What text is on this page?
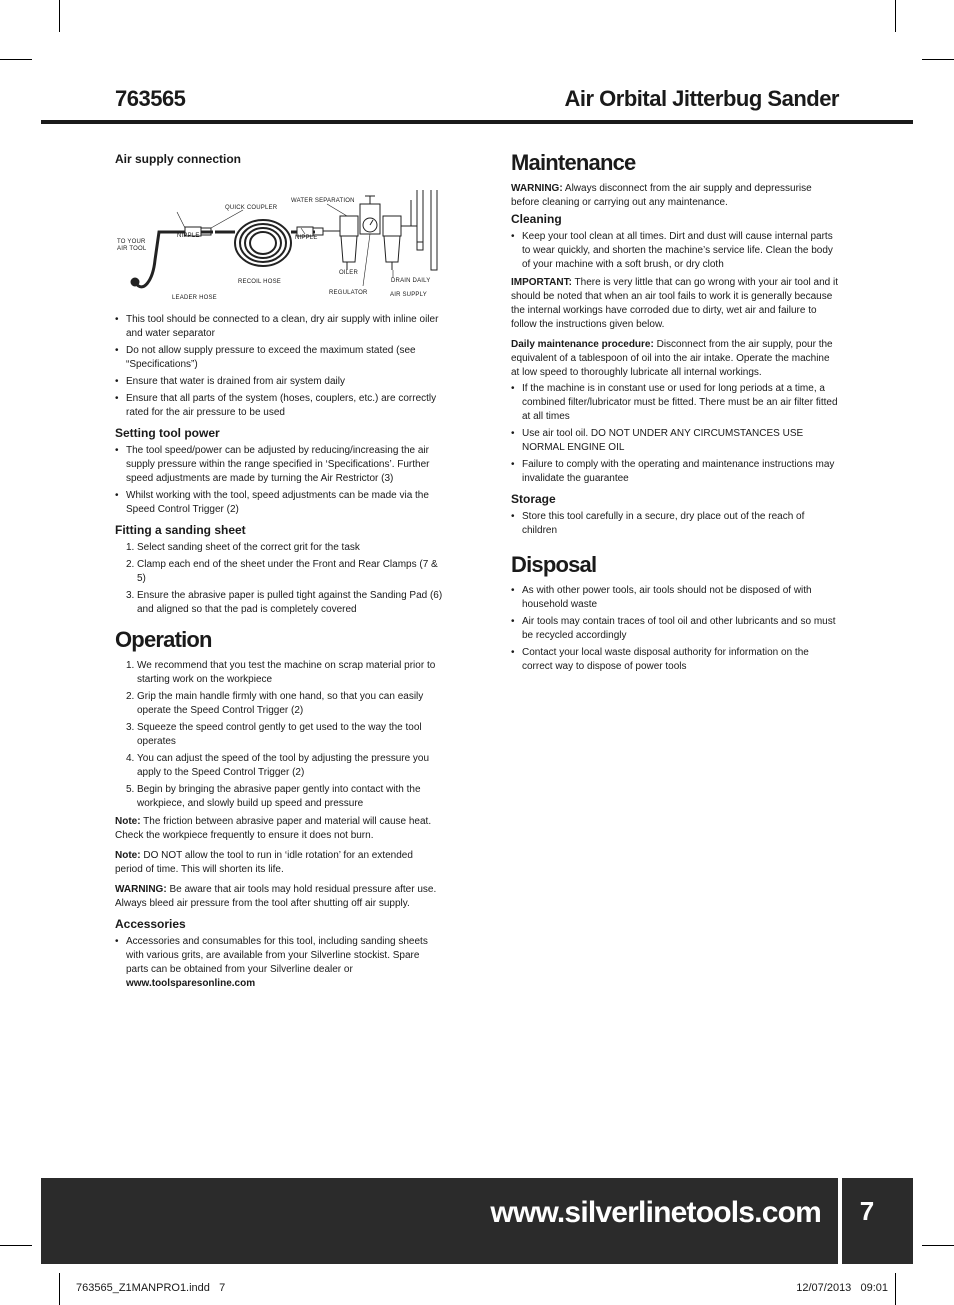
763565	Air Orbital Jitterbug Sander
Air supply connection
WATER SEPARATION
QUICK COUPLER
TO YOUR
AIR TOOL
NIPPLE	NIPPLE
OILER
DRAIN DAILY
RECOIL HOSE
REGULATOR	AIR SUPPLY
LEADER HOSE
• This tool should be connected to a clean, dry air supply with inline oiler and water separator
• Do not allow supply pressure to exceed the maximum stated (see “Specifications”)
• Ensure that water is drained from air system daily
• Ensure that all parts of the system (hoses, couplers, etc.) are correctly rated for the air pressure to be used
Setting tool power
• The tool speed/power can be adjusted by reducing/increasing the air supply pressure within the range specified in ‘Specifications’. Further speed adjustments are made by turning the Air Restrictor (3)
• Whilst working with the tool, speed adjustments can be made via the Speed Control Trigger (2)
Fitting a sanding sheet
1. Select sanding sheet of the correct grit for the task
2. Clamp each end of the sheet under the Front and Rear Clamps (7 & 5)
3. Ensure the abrasive paper is pulled tight against the Sanding Pad (6) and aligned so that the pad is completely covered
Operation
1. We recommend that you test the machine on scrap material prior to starting work on the workpiece
2. Grip the main handle firmly with one hand, so that you can easily operate the Speed Control Trigger (2)
3. Squeeze the speed control gently to get used to the way the tool operates
4. You can adjust the speed of the tool by adjusting the pressure you apply to the Speed Control Trigger (2)
5. Begin by bringing the abrasive paper gently into contact with the workpiece, and slowly build up speed and pressure

Note: The friction between abrasive paper and material will cause heat. Check the workpiece frequently to ensure it does not burn.

Note: DO NOT allow the tool to run in ‘idle rotation’ for an extended period of time. This will shorten its life.

WARNING: Be aware that air tools may hold residual pressure after use. Always bleed air pressure from the tool after shutting off air supply.

Accessories
• Accessories and consumables for this tool, including sanding sheets with various grits, are available from your Silverline stockist. Spare parts can be obtained from your Silverline dealer or www.toolsparesonline.com
Maintenance

WARNING: Always disconnect from the air supply and depressurise before cleaning or carrying out any maintenance.

Cleaning
• Keep your tool clean at all times. Dirt and dust will cause internal parts to wear quickly, and shorten the machine’s service life. Clean the body of your machine with a soft brush, or dry cloth

IMPORTANT: There is very little that can go wrong with your air tool and it should be noted that when an air tool fails to work it is generally because the internal workings have corroded due to dirty, wet air and failure to follow the instructions given below.

Daily maintenance procedure: Disconnect from the air supply, pour the equivalent of a tablespoon of oil into the air intake. Operate the machine at low speed to thoroughly lubricate all internal workings.

• If the machine is in constant use or used for long periods at a time, a combined filter/lubricator must be fitted. There must be an air filter fitted at all times
• Use air tool oil. DO NOT UNDER ANY CIRCUMSTANCES USE NORMAL ENGINE OIL
• Failure to comply with the operating and maintenance instructions may invalidate the guarantee
Storage
• Store this tool carefully in a secure, dry place out of the reach of children
Disposal
• As with other power tools, air tools should not be disposed of with household waste
• Air tools may contain traces of tool oil and other lubricants and so must be recycled accordingly
• Contact your local waste disposal authority for information on the correct way to dispose of power tools
www.silverlinetools.com	7
763565_Z1MANPRO1.indd   7	12/07/2013   09:01
